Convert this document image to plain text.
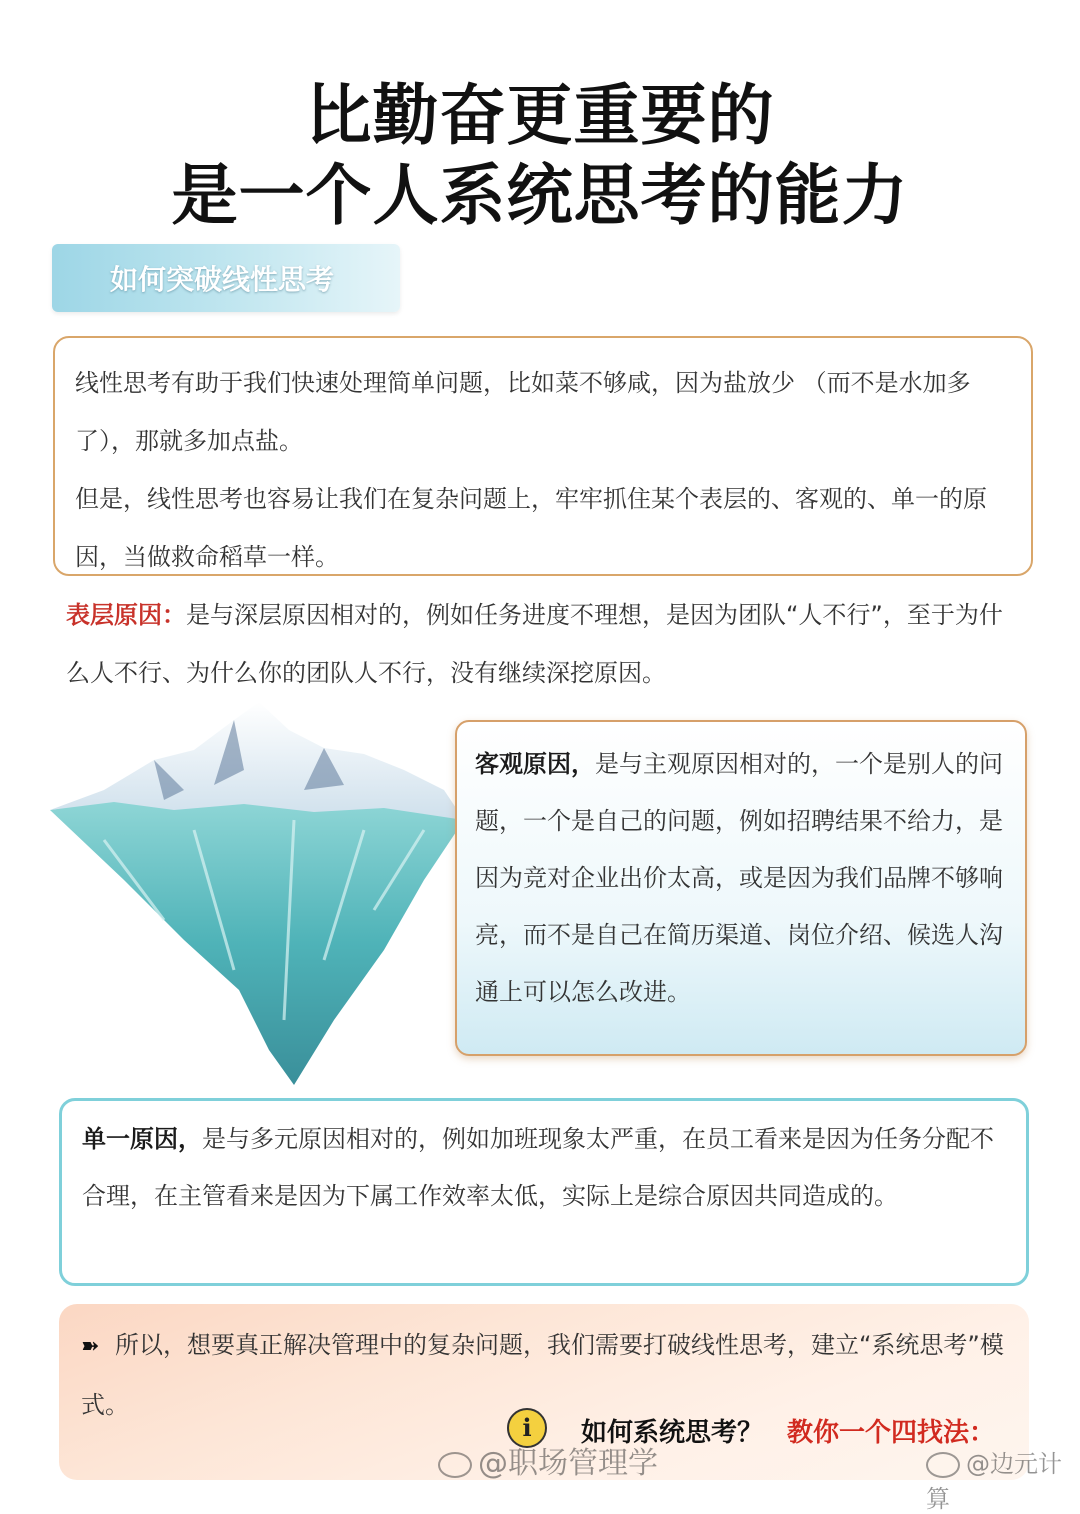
比勤奋更重要的
是一个人系统思考的能力
如何突破线性思考

线性思考有助于我们快速处理简单问题，比如菜不够咸，因为盐放少 （而不是水加多了），那就多加点盐。

但是，线性思考也容易让我们在复杂问题上，牢牢抓住某个表层的、客观的、单一的原因，当做救命稻草一样。

表层原因：是与深层原因相对的，例如任务进度不理想，是因为团队“人不行”，至于为什么人不行、为什么你的团队人不行，没有继续深挖原因。
客观原因，是与主观原因相对的，一个是别人的问题，一个是自己的问题，例如招聘结果不给力，是因为竞对企业出价太高，或是因为我们品牌不够响亮，而不是自己在简历渠道、岗位介绍、候选人沟通上可以怎么改进。
单一原因，是与多元原因相对的，例如加班现象太严重，在员工看来是因为任务分配不合理，在主管看来是因为下属工作效率太低，实际上是综合原因共同造成的。
➽ 所以，想要真正解决管理中的复杂问题，我们需要打破线性思考，建立“系统思考”模式。
i	如何系统思考？ 教你一个四找法：
@职场管理学	@边元计算
